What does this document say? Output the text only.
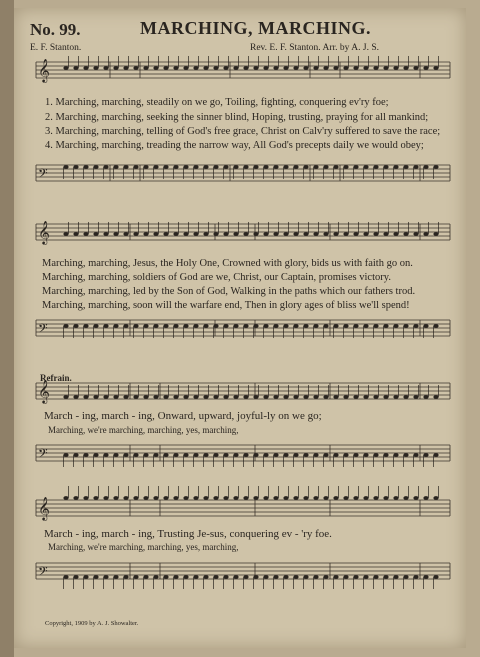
𝄞
𝄢
𝄞
𝄢
𝄞
𝄢
𝄞
𝄢
No. 99.	MARCHING, MARCHING.
E. F. Stanton.	Rev. E. F. Stanton. Arr. by A. J. S.
1. Marching, marching, steadily on we go, Toiling, fighting, conquering ev'ry foe;
2. Marching, marching, seeking the sinner blind, Hoping, trusting, praying for all mankind;
3. Marching, marching, telling of God's free grace, Christ on Calv'ry suffered to save the race;
4. Marching, marching, treading the narrow way, All God's precepts daily we would obey;
Marching, marching, Jesus, the Holy One, Crowned with glory, bids us with faith go on.
Marching, marching, soldiers of God are we, Christ, our Captain, promises victory.
Marching, marching, led by the Son of God, Walking in the paths which our fathers trod.
Marching, marching, soon will the warfare end, Then in glory ages of bliss we'll spend!
Refrain.
March - ing, march - ing, Onward, upward, joyful-ly on we go;
Marching, we're marching, marching, yes, marching,
March - ing, march - ing, Trusting Je-sus, conquering ev - 'ry foe.
Marching, we're marching, marching, yes, marching,
Copyright, 1909 by A. J. Showalter.
